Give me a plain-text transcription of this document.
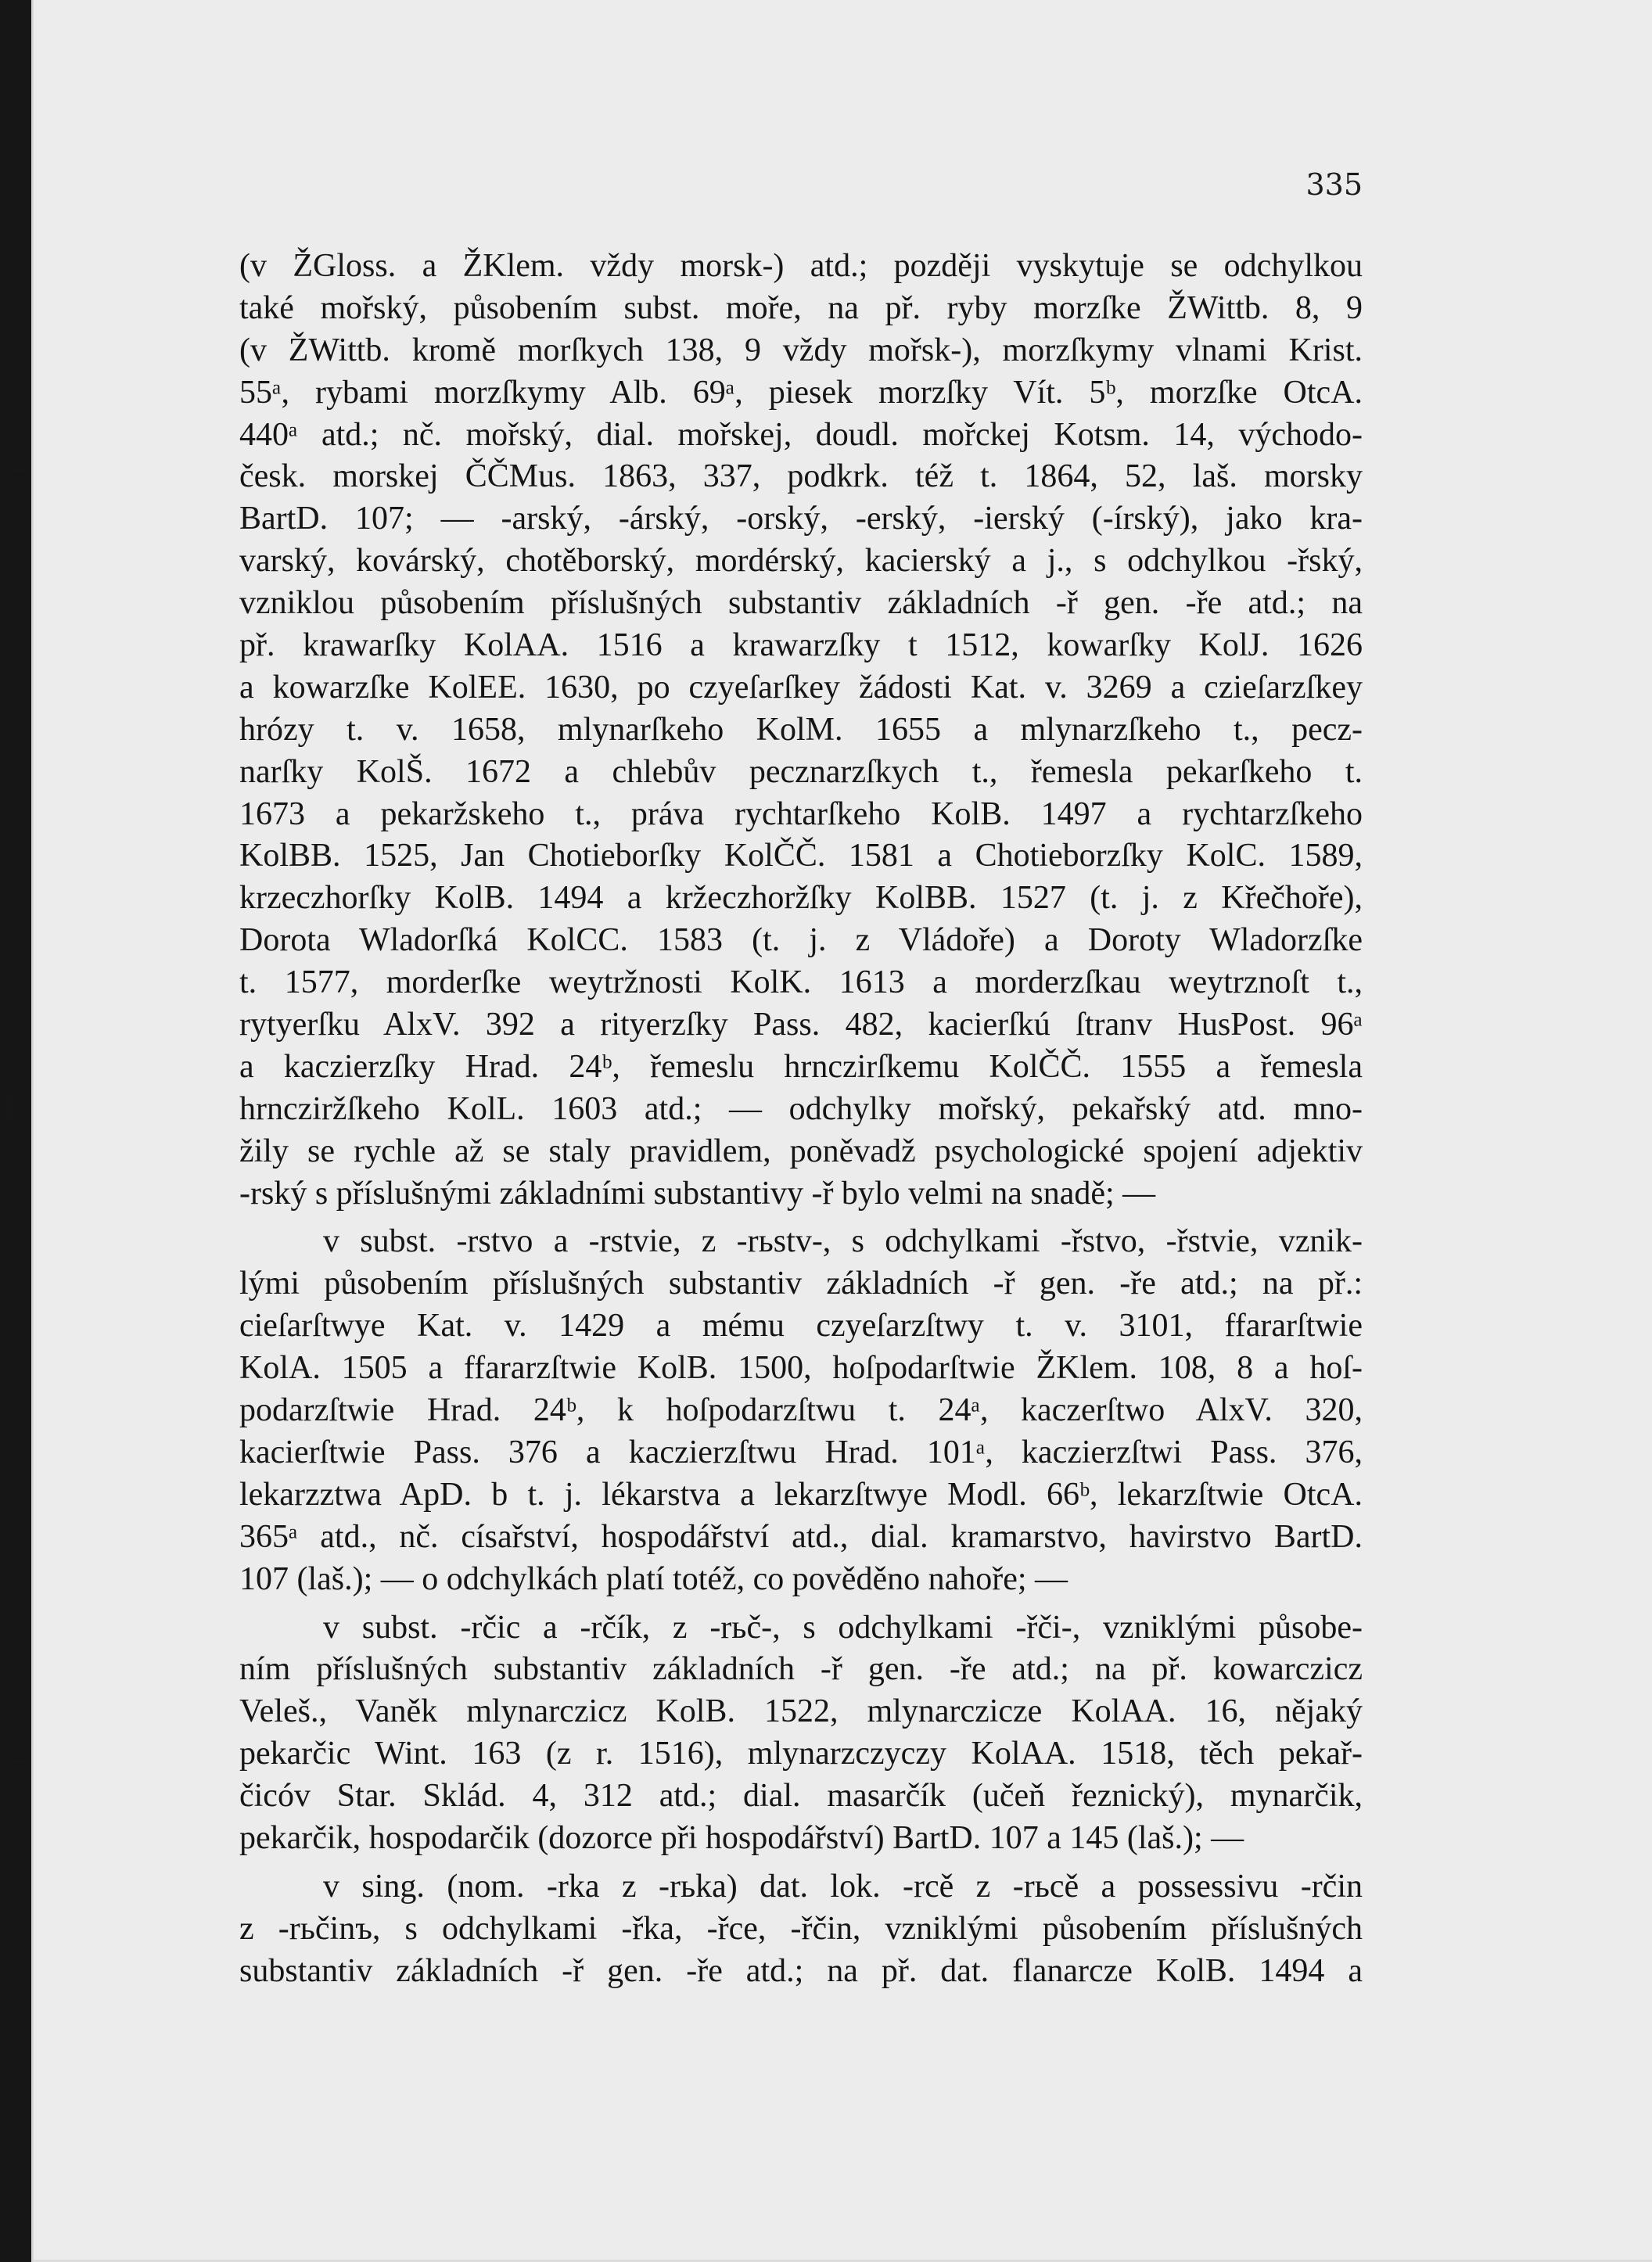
335
(v ŽGloss. a ŽKlem. vždy morsk-) atd.; později vyskytuje se odchylkou
také mořský, působením subst. moře, na př. ryby morzſke ŽWittb. 8, 9
(v ŽWittb. kromě morſkych 138, 9 vždy mořsk-), morzſkymy vlnami Krist.
55ᵃ, rybami morzſkymy Alb. 69ᵃ, piesek morzſky Vít. 5ᵇ, morzſke OtcA.
440ᵃ atd.; nč. mořský, dial. mořskej, doudl. mořckej Kotsm. 14, východo-
česk. morskej ČČMus. 1863, 337, podkrk. též t. 1864, 52, laš. morsky
BartD. 107; — -arský, -árský, -orský, -erský, -ierský (-írský), jako kra-
varský, kovárský, chotěborský, mordérský, kacierský a j., s odchylkou -řský,
vzniklou působením příslušných substantiv základních -ř gen. -ře atd.; na
př. krawarſky KolAA. 1516 a krawarzſky t 1512, kowarſky KolJ. 1626
a kowarzſke KolEE. 1630, po czyeſarſkey žádosti Kat. v. 3269 a czieſarzſkey
hrózy t. v. 1658, mlynarſkeho KolM. 1655 a mlynarzſkeho t., pecz-
narſky KolŠ. 1672 a chlebův pecznarzſkych t., řemesla pekarſkeho t.
1673 a pekaržskeho t., práva rychtarſkeho KolB. 1497 a rychtarzſkeho
KolBB. 1525, Jan Chotieborſky KolČČ. 1581 a Chotieborzſky KolC. 1589,
krzeczhorſky KolB. 1494 a kržeczhoržſky KolBB. 1527 (t. j. z Křečhoře),
Dorota Wladorſká KolCC. 1583 (t. j. z Vládoře) a Doroty Wladorzſke
t. 1577, morderſke weytržnosti KolK. 1613 a morderzſkau weytrznoſt t.,
rytyerſku AlxV. 392 a rityerzſky Pass. 482, kacierſkú ſtranv HusPost. 96ᵃ
a kaczierzſky Hrad. 24ᵇ, řemeslu hrnczirſkemu KolČČ. 1555 a řemesla
hrncziržſkeho KolL. 1603 atd.; — odchylky mořský, pekařský atd. mno-
žily se rychle až se staly pravidlem, poněvadž psychologické spojení adjektiv
-rský s příslušnými základními substantivy -ř bylo velmi na snadě; —
v subst. -rstvo a -rstvie, z -rьstv-, s odchylkami -řstvo, -řstvie, vznik-
lými působením příslušných substantiv základních -ř gen. -ře atd.; na př.:
cieſarſtwye Kat. v. 1429 a mému czyeſarzſtwy t. v. 3101, ffararſtwie
KolA. 1505 a ffararzſtwie KolB. 1500, hoſpodarſtwie ŽKlem. 108, 8 a hoſ-
podarzſtwie Hrad. 24ᵇ, k hoſpodarzſtwu t. 24ᵃ, kaczerſtwo AlxV. 320,
kacierſtwie Pass. 376 a kaczierzſtwu Hrad. 101ᵃ, kaczierzſtwi Pass. 376,
lekarzztwa ApD. b t. j. lékarstva a lekarzſtwye Modl. 66ᵇ, lekarzſtwie OtcA.
365ᵃ atd., nč. císařství, hospodářství atd., dial. kramarstvo, havirstvo BartD.
107 (laš.); — o odchylkách platí totéž, co pověděno nahoře; —
v subst. -rčic a -rčík, z -rьč-, s odchylkami -řči-, vzniklými působe-
ním příslušných substantiv základních -ř gen. -ře atd.; na př. kowarczicz
Veleš., Vaněk mlynarczicz KolB. 1522, mlynarczicze KolAA. 16, nějaký
pekarčic Wint. 163 (z r. 1516), mlynarzczyczy KolAA. 1518, těch pekař-
čicóv Star. Sklád. 4, 312 atd.; dial. masarčík (učeň řeznický), mynarčik,
pekarčik, hospodarčik (dozorce při hospodářství) BartD. 107 a 145 (laš.); —
v sing. (nom. -rka z -rьka) dat. lok. -rcě z -rьcě a possessivu -rčin
z -rьčinъ, s odchylkami -řka, -řce, -řčin, vzniklými působením příslušných
substantiv základních -ř gen. -ře atd.; na př. dat. flanarcze KolB. 1494 a
